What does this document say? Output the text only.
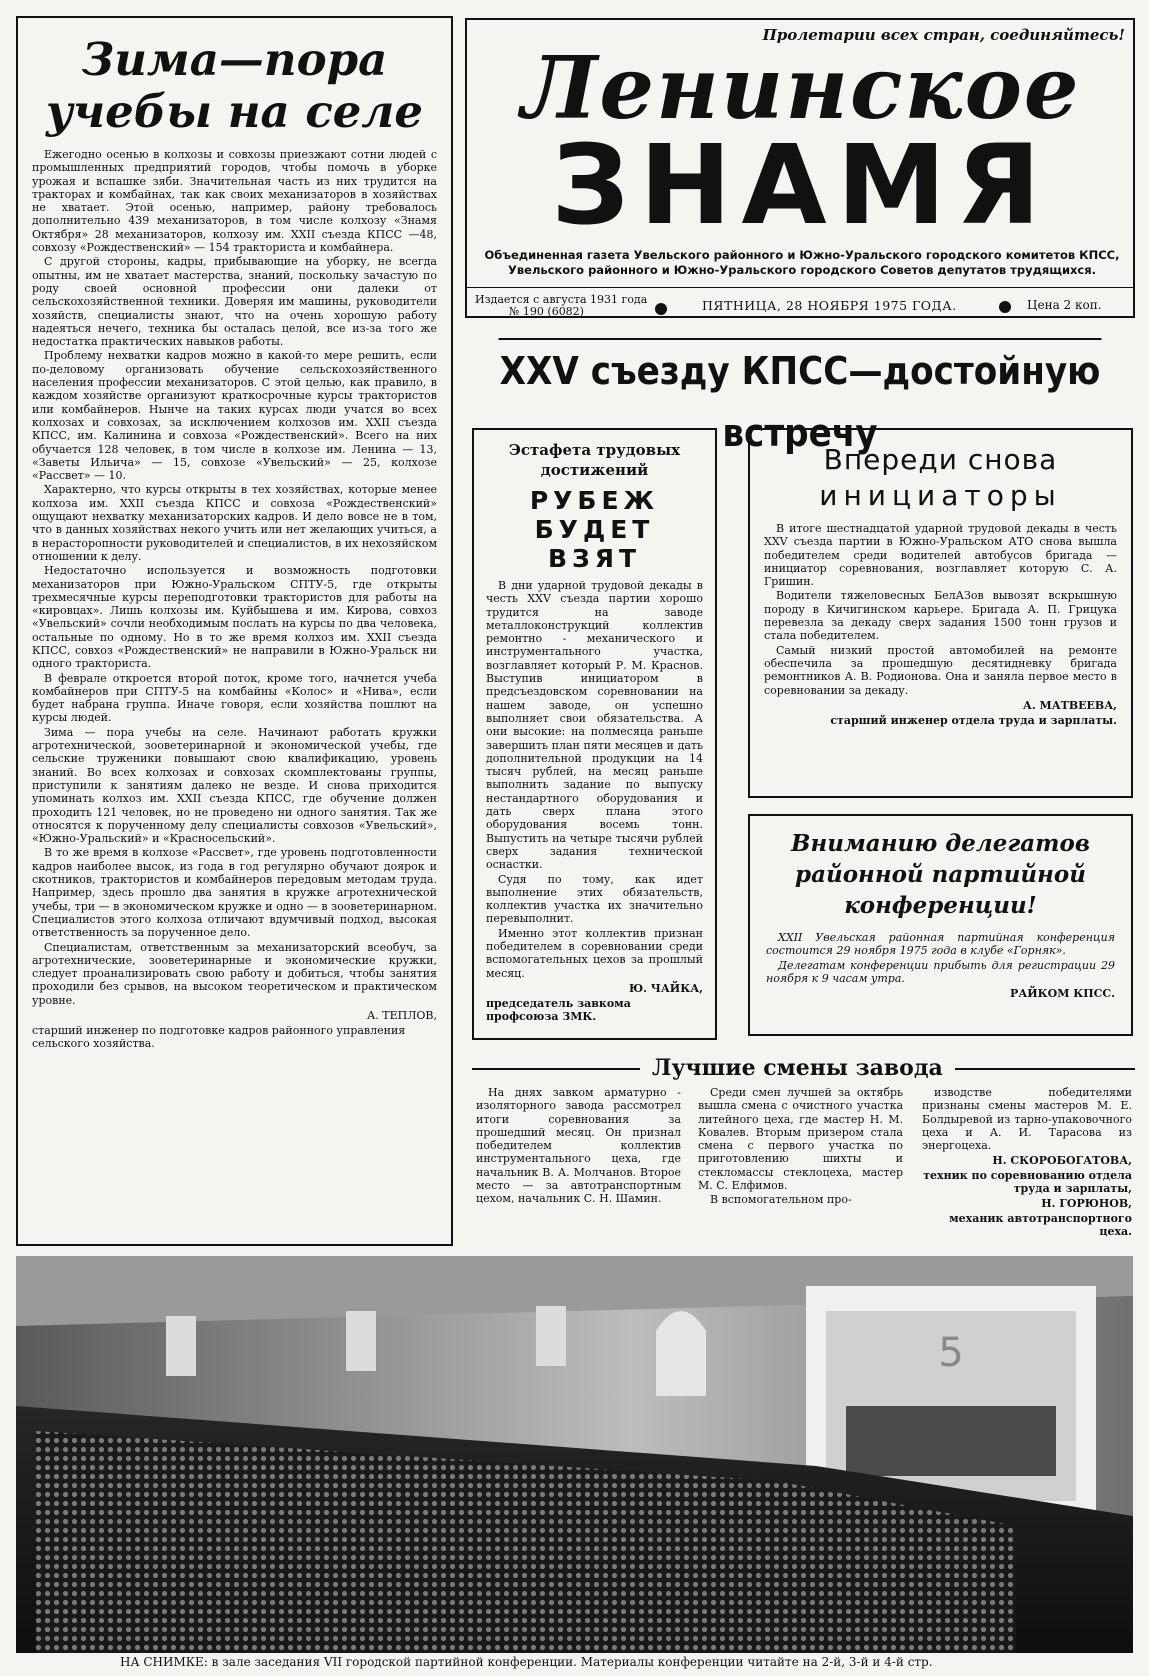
Зима—пора
учебы на селе

Ежегодно осенью в колхозы и совхозы приезжают сотни людей с промышленных предприятий городов, чтобы помочь в уборке урожая и вспашке зяби. Значительная часть из них трудится на тракторах и комбайнах, так как своих механизаторов в хозяйствах не хватает. Этой осенью, например, району требовалось дополнительно 439 механизаторов, в том числе колхозу «Знамя Октября» 28 механизаторов, колхозу им. XXII съезда КПСС —48, совхозу «Рождественский» — 154 тракториста и комбайнера.

С другой стороны, кадры, прибывающие на уборку, не всегда опытны, им не хватает мастерства, знаний, поскольку зачастую по роду своей основной профессии они далеки от сельскохозяйственной техники. Доверяя им машины, руководители хозяйств, специалисты знают, что на очень хорошую работу надеяться нечего, техника бы осталась целой, все из-за того же недостатка практических навыков работы.

Проблему нехватки кадров можно в какой-то мере решить, если по-деловому организовать обучение сельскохозяйственного населения профессии механизаторов. С этой целью, как правило, в каждом хозяйстве организуют краткосрочные курсы трактористов или комбайнеров. Нынче на таких курсах люди учатся во всех колхозах и совхозах, за исключением колхозов им. XXII съезда КПСС, им. Калинина и совхоза «Рождественский». Всего на них обучается 128 человек, в том числе в колхозе им. Ленина — 13, «Заветы Ильича» — 15, совхозе «Увельский» — 25, колхозе «Рассвет» — 10.

Характерно, что курсы открыты в тех хозяйствах, которые менее колхоза им. XXII съезда КПСС и совхоза «Рождественский» ощущают нехватку механизаторских кадров. И дело вовсе не в том, что в данных хозяйствах некого учить или нет желающих учиться, а в нерасторопности руководителей и специалистов, в их нехозяйском отношении к делу.

Недостаточно используется и возможность подготовки механизаторов при Южно-Уральском СПТУ-5, где открыты трехмесячные курсы переподготовки трактористов для работы на «кировцах». Лишь колхозы им. Куйбышева и им. Кирова, совхоз «Увельский» сочли необходимым послать на курсы по два человека, остальные по одному. Но в то же время колхоз им. XXII съезда КПСС, совхоз «Рождественский» не направили в Южно-Уральск ни одного тракториста.

В феврале откроется второй поток, кроме того, начнется учеба комбайнеров при СПТУ-5 на комбайны «Колос» и «Нива», если будет набрана группа. Иначе говоря, если хозяйства пошлют на курсы людей.

Зима — пора учебы на селе. Начинают работать кружки агротехнической, зооветеринарной и экономической учебы, где сельские труженики повышают свою квалификацию, уровень знаний. Во всех колхозах и совхозах скомплектованы группы, приступили к занятиям далеко не везде. И снова приходится упоминать колхоз им. XXII съезда КПСС, где обучение должен проходить 121 человек, но не проведено ни одного занятия. Так же относятся к порученному делу специалисты совхозов «Увельский», «Южно-Уральский» и «Красносельский».

В то же время в колхозе «Рассвет», где уровень подготовленности кадров наиболее высок, из года в год регулярно обучают доярок и скотников, трактористов и комбайнеров передовым методам труда. Например, здесь прошло два занятия в кружке агротехнической учебы, три — в экономическом кружке и одно — в зооветеринарном. Специалистов этого колхоза отличают вдумчивый подход, высокая ответственность за порученное дело.

Специалистам, ответственным за механизаторский всеобуч, за агротехнические, зооветеринарные и экономические кружки, следует проанализировать свою работу и добиться, чтобы занятия проходили без срывов, на высоком теоретическом и практическом уровне.

А. ТЕПЛОВ,

старший инженер по подготовке кадров районного управления сельского хозяйства.

Пролетарии всех стран, соединяйтесь!
Ленинское
ЗНАМЯ
Объединенная газета Увельского районного и Южно-Уральского городского комитетов КПСС,
Увельского районного и Южно-Уральского городского Советов депутатов трудящихся.
Издается с августа 1931 года
№ 190 (6082)	ПЯТНИЦА, 28 НОЯБРЯ 1975 ГОДА.	Цена 2 коп.
XXV съезду КПСС—достойную встречу
Эстафета трудовых достижений
РУБЕЖ
БУДЕТ ВЗЯТ

В дни ударной трудовой декады в честь XXV съезда партии хорошо трудится на заводе металлоконструкций коллектив ремонтно - механического и инструментального участка, возглавляет который Р. М. Краснов. Выступив инициатором в предсъездовском соревновании на нашем заводе, он успешно выполняет свои обязательства. А они высокие: на полмесяца раньше завершить план пяти месяцев и дать дополнительной продукции на 14 тысяч рублей, на месяц раньше выполнить задание по выпуску нестандартного оборудования и дать сверх плана этого оборудования восемь тонн. Выпустить на четыре тысячи рублей сверх задания технической оснастки.

Судя по тому, как идет выполнение этих обязательств, коллектив участка их значительно перевыполнит.

Именно этот коллектив признан победителем в соревновании среди вспомогательных цехов за прошлый месяц.

Ю. ЧАЙКА,

председатель завкома профсоюза ЗМК.

Впереди снова
инициаторы

В итоге шестнадцатой ударной трудовой декады в честь XXV съезда партии в Южно-Уральском АТО снова вышла победителем среди водителей автобусов бригада — инициатор соревнования, возглавляет которую С. А. Гришин.

Водители тяжеловесных БелАЗов вывозят вскрышную породу в Кичигинском карьере. Бригада А. П. Грицука перевезла за декаду сверх задания 1500 тонн грузов и стала победителем.

Самый низкий простой автомобилей на ремонте обеспечила за прошедшую десятидневку бригада ремонтников А. В. Родионова. Она и заняла первое место в соревновании за декаду.

А. МАТВЕЕВА,

старший инженер отдела труда и зарплаты.

Вниманию делегатов
районной партийной
конференции!

XXII Увельская районная партийная конференция состоится 29 ноября 1975 года в клубе «Горняк».

Делегатам конференции прибыть для регистрации 29 ноября к 9 часам утра.

РАЙКОМ КПСС.

Лучшие смены завода

На днях завком арматурно - изоляторного завода рассмотрел итоги соревнования за прошедший месяц. Он признал победителем коллектив инструментального цеха, где начальник В. А. Молчанов. Второе место — за автотранспортным цехом, начальник С. Н. Шамин.

Среди смен лучшей за октябрь вышла смена с очистного участка литейного цеха, где мастер Н. М. Ковалев. Вторым призером стала смена с первого участка по приготовлению шихты и стекломассы стеклоцеха, мастер М. С. Елфимов.

В вспомогательном про-

изводстве победителями признаны смены мастеров М. Е. Болдыревой из тарно-упаковочного цеха и А. И. Тарасова из энергоцеха.

Н. СКОРОБОГАТОВА,

техник по соревнованию отдела труда и зарплаты,

Н. ГОРЮНОВ,

механик автотранспортного цеха.

5
НА СНИМКЕ: в зале заседания VII городской партийной конференции. Материалы конференции читайте на 2-й, 3-й и 4-й стр.
